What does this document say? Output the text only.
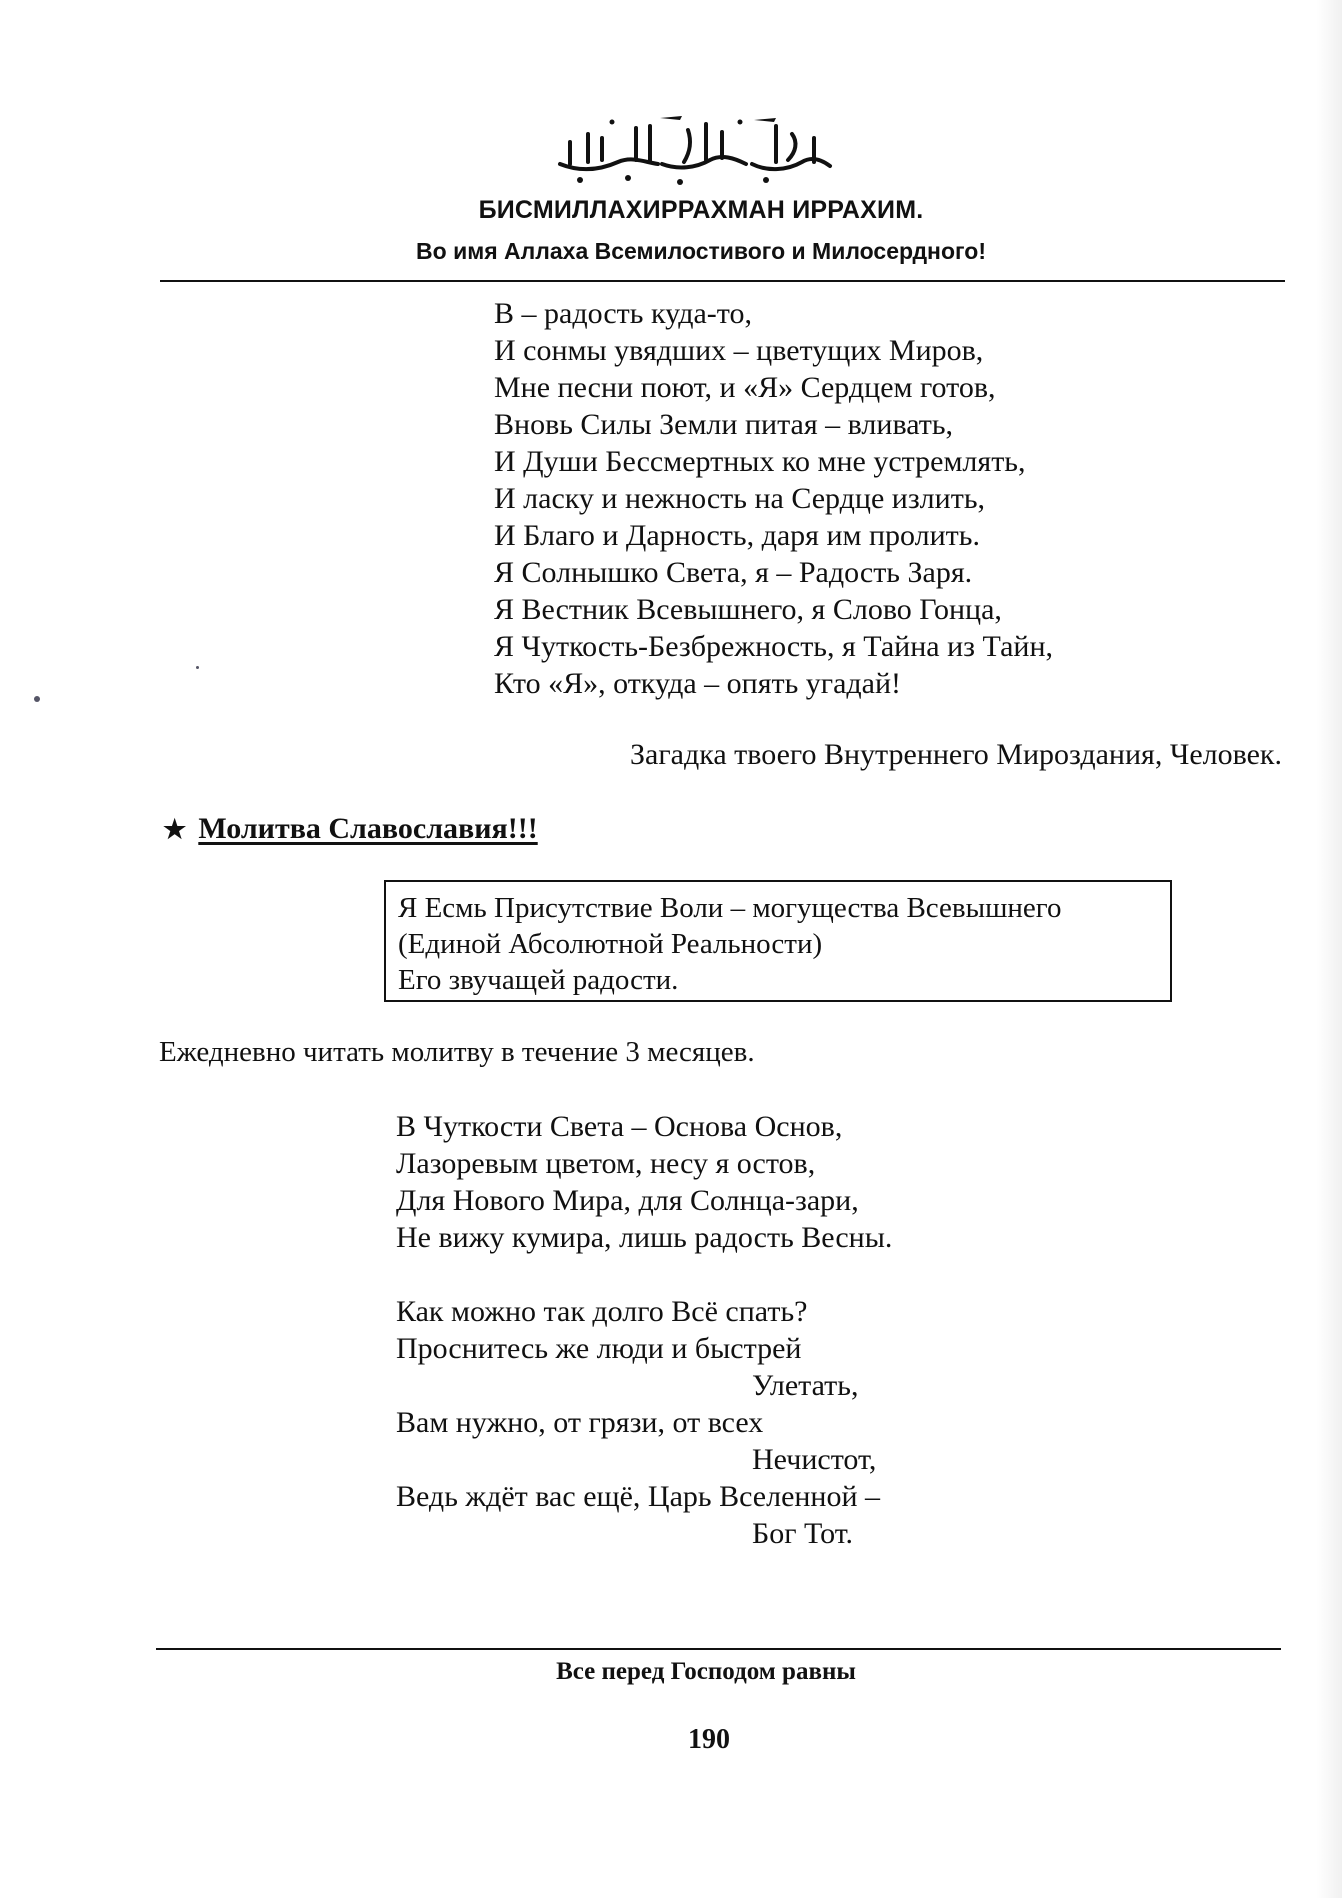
БИСМИЛЛАХИРРАХМАН ИРРАХИМ.
Во имя Аллаха Всемилостивого и Милосердного!
В – радость куда-то,
И сонмы увядших – цветущих Миров,
Мне песни поют, и «Я» Сердцем готов,
Вновь Силы Земли питая – вливать,
И Души Бессмертных ко мне устремлять,
И ласку и нежность на Сердце излить,
И Благо и Дарность, даря им пролить.
Я Солнышко Света, я – Радость Заря.
Я Вестник Всевышнего, я Слово Гонца,
Я Чуткость-Безбрежность, я Тайна из Тайн,
Кто «Я», откуда – опять угадай!
Загадка твоего Внутреннего Мироздания, Человек.
★ Молитва Славославия!!!
Я Есмь Присутствие Воли – могущества Всевышнего
(Единой Абсолютной Реальности)
Его звучащей радости.
Ежедневно читать молитву в течение 3 месяцев.
В Чуткости Света – Основа Основ,
Лазоревым цветом, несу я остов,
Для Нового Мира, для Солнца-зари,
Не вижу кумира, лишь радость Весны.
Как можно так долго Всё спать?
Проснитесь же люди и быстрей
Улетать,
Вам нужно, от грязи, от всех
Нечистот,
Ведь ждёт вас ещё, Царь Вселенной –
Бог Тот.
Все перед Господом равны
190
